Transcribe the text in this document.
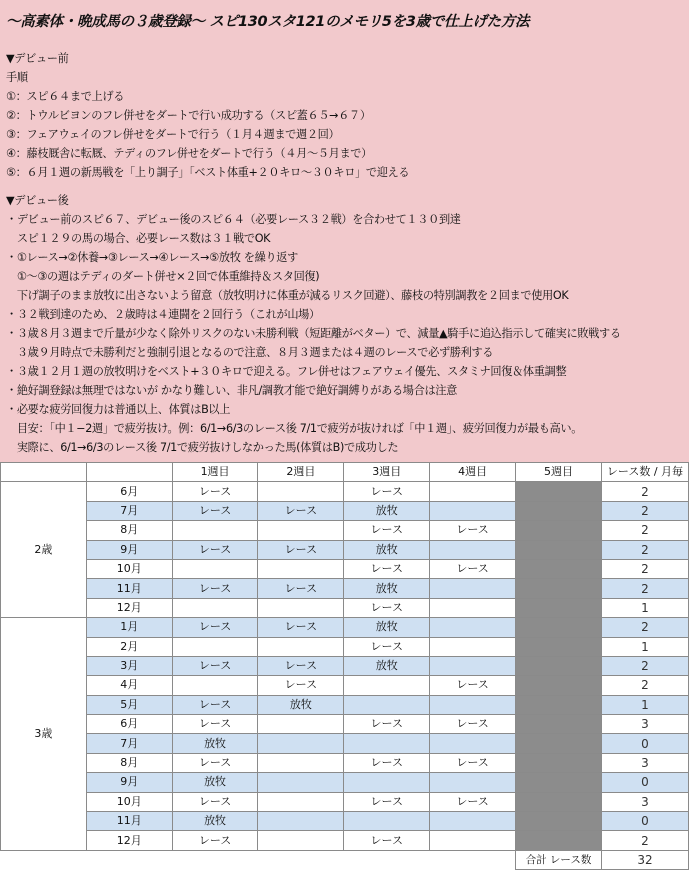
〜高素体・晩成馬の３歳登録〜 スピ130スタ121のメモリ5を3歳で仕上げた方法
▼デビュー前
手順
①：スピ６４まで上げる
②：トウルビヨンのフレ併せをダートで行い成功する（スピ蓋６５→６７）
③：フェアウェイのフレ併せをダートで行う（１月４週まで週２回）
④：藤枝厩舎に転厩、テディのフレ併せをダートで行う（４月〜５月まで）
⑤：６月１週の新馬戦を「上り調子」「ベスト体重+２０キロ〜３０キロ」で迎える
▼デビュー後
・デビュー前のスピ６７、デビュー後のスピ６４（必要レース３２戦）を合わせて１３０到達
　スピ１２９の馬の場合、必要レース数は３１戦でOK
・①レース→②休養→③レース→④レース→⑤放牧 を繰り返す
　①〜③の週はテディのダート併せ×２回で体重維持＆スタ回復)
　下げ調子のまま放牧に出さないよう留意（放牧明けに体重が減るリスク回避）、藤枝の特別調教を２回まで使用OK
・３２戦到達のため、２歳時は４連闘を２回行う（これが山場）
・３歳８月３週まで斤量が少なく除外リスクのない未勝利戦（短距離がベター）で、減量▲騎手に追込指示して確実に敗戦する
　３歳９月時点で未勝利だと強制引退となるので注意、８月３週または４週のレースで必ず勝利する
・３歳１２月１週の放牧明けをベスト+３０キロで迎える。フレ併せはフェアウェイ優先、スタミナ回復＆体重調整
・絶好調登録は無理ではないが かなり難しい、非凡/調教才能で絶好調縛りがある場合は注意
・必要な疲労回復力は普通以上、体質はB以上
　目安：「中１−2週」で疲労抜け。例：6/1→6/3のレース後 7/1で疲労が抜ければ「中１週」、疲労回復力が最も高い。
　実際に、6/1→6/3のレース後 7/1で疲労抜けしなかった馬(体質はB)で成功した
		1週目	2週目	3週目	4週目	5週目	レース数 / 月毎
2歳	6月	レース		レース			2
	7月	レース	レース	放牧			2
	8月			レース	レース		2
	9月	レース	レース	放牧			2
	10月			レース	レース		2
	11月	レース	レース	放牧			2
	12月			レース			1
3歳	1月	レース	レース	放牧			2
	2月			レース			1
	3月	レース	レース	放牧			2
	4月		レース		レース		2
	5月	レース	放牧				1
	6月	レース		レース	レース		3
	7月	放牧					0
	8月	レース		レース	レース		3
	9月	放牧					0
	10月	レース		レース	レース		3
	11月	放牧					0
	12月	レース		レース			2
						合計 レース数	32
